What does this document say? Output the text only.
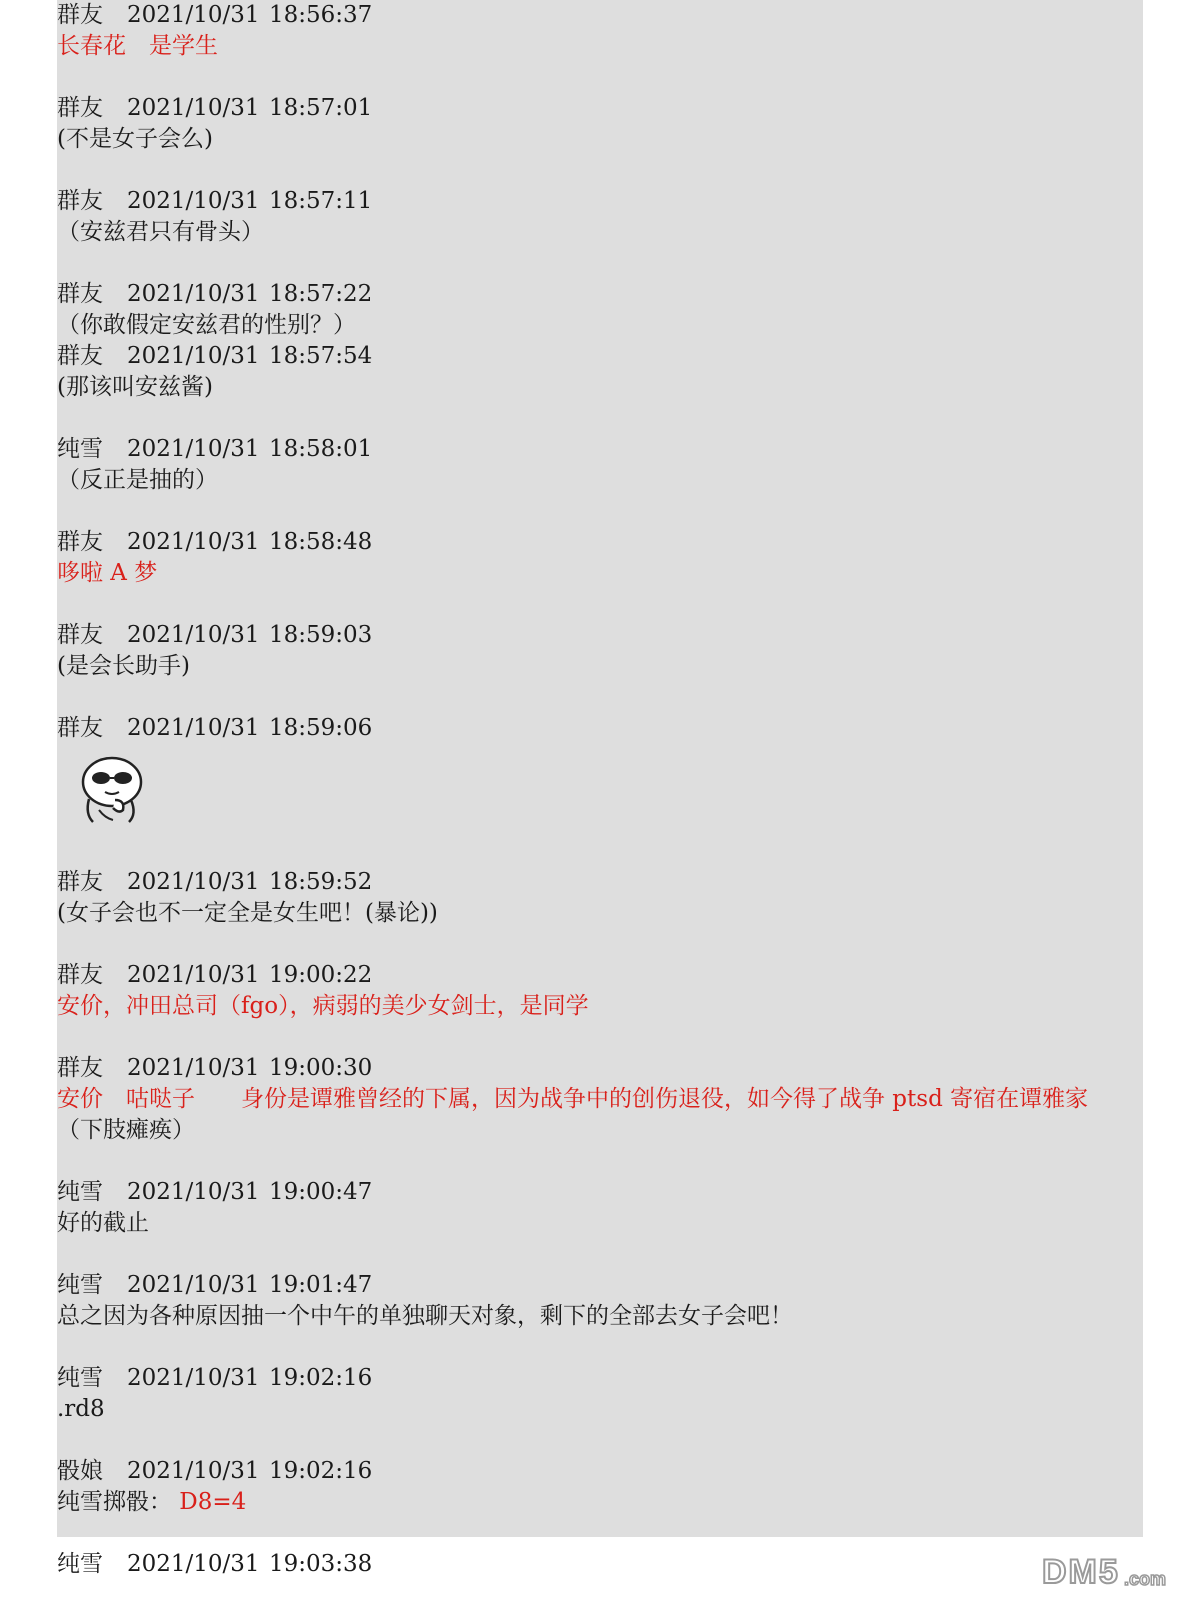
群友 2021/10/31 18:56:37
长春花　是学生
群友 2021/10/31 18:57:01
(不是女子会么)
群友 2021/10/31 18:57:11
（安兹君只有骨头）
群友 2021/10/31 18:57:22
（你敢假定安兹君的性别？）
群友 2021/10/31 18:57:54
(那该叫安兹酱)
纯雪 2021/10/31 18:58:01
（反正是抽的）
群友 2021/10/31 18:58:48
哆啦 A 梦
群友 2021/10/31 18:59:03
(是会长助手)
群友 2021/10/31 18:59:06
群友 2021/10/31 18:59:52
(女子会也不一定全是女生吧！(暴论))
群友 2021/10/31 19:00:22
安价，冲田总司（fgo），病弱的美少女剑士，是同学
群友 2021/10/31 19:00:30
安价　咕哒子　　身份是谭雅曾经的下属，因为战争中的创伤退役，如今得了战争 ptsd 寄宿在谭雅家
（下肢瘫痪）
纯雪 2021/10/31 19:00:47
好的截止
纯雪 2021/10/31 19:01:47
总之因为各种原因抽一个中午的单独聊天对象，剩下的全部去女子会吧！
纯雪 2021/10/31 19:02:16
.rd8
骰娘 2021/10/31 19:02:16
纯雪掷骰： D8=4
纯雪 2021/10/31 19:03:38	DM5 .com
